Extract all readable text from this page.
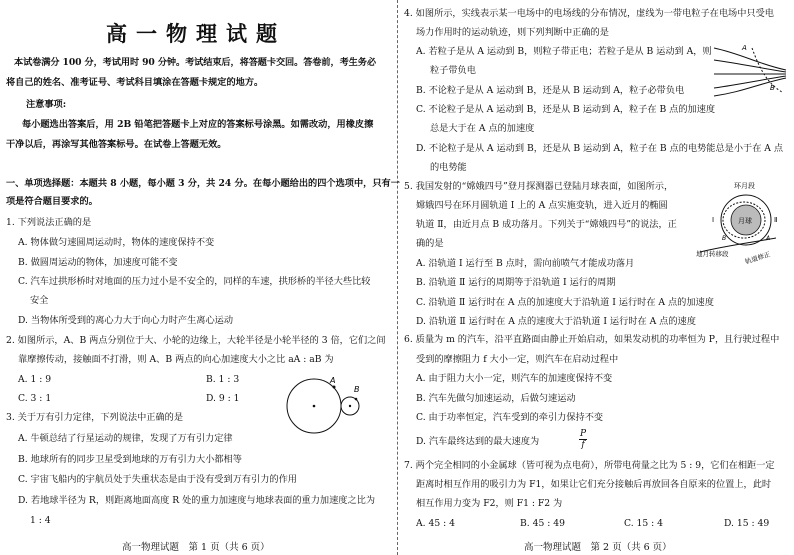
高一物理试题
本试卷满分 100 分，考试用时 90 分钟。考试结束后，将答题卡交回。答卷前，考生务必
将自己的姓名、准考证号、考试科目填涂在答题卡规定的地方。
注意事项:
每小题选出答案后，用 2B 铅笔把答题卡上对应的答案标号涂黑。如需改动，用橡皮擦
干净以后，再涂写其他答案标号。在试卷上答题无效。
一、单项选择题：本题共 8 小题，每小题 3 分，共 24 分。在每小题给出的四个选项中，只有一
项是符合题目要求的。
1. 下列说法正确的是
A. 物体做匀速圆周运动时，物体的速度保持不变
B. 做圆周运动的物体，加速度可能不变
C. 汽车过拱形桥时对地面的压力过小是不安全的，同样的车速，拱形桥的半径大些比较
安全
D. 当物体所受到的离心力大于向心力时产生离心运动
2. 如图所示，A、B 两点分别位于大、小轮的边缘上，大轮半径是小轮半径的 3 倍，它们之间
靠摩擦传动，接触面不打滑，则 A、B 两点的向心加速度大小之比 aA : aB 为
A. 1 : 9	B. 1 : 3
C. 3 : 1	D. 9 : 1
A
B
3. 关于万有引力定律，下列说法中正确的是
A. 牛顿总结了行星运动的规律，发现了万有引力定律
B. 地球所有的同步卫星受到地球的万有引力大小都相等
C. 宇宙飞船内的宇航员处于失重状态是由于没有受到万有引力的作用
D. 若地球半径为 R，则距离地面高度 R 处的重力加速度与地球表面的重力加速度之比为
1 : 4
高一物理试题　第 1 页（共 6 页）
4. 如图所示，实线表示某一电场中的电场线的分布情况，虚线为一带电粒子在电场中只受电
场力作用时的运动轨迹，则下列判断中正确的是
A. 若粒子是从 A 运动到 B，则粒子带正电；若粒子是从 B 运动到 A，则
粒子带负电
B. 不论粒子是从 A 运动到 B，还是从 B 运动到 A，粒子必带负电
C. 不论粒子是从 A 运动到 B，还是从 B 运动到 A，粒子在 B 点的加速度
总是大于在 A 点的加速度
D. 不论粒子是从 A 运动到 B，还是从 B 运动到 A，粒子在 B 点的电势能总是小于在 A 点
的电势能
A
B
5. 我国发射的“嫦娥四号”登月探测器已登陆月球表面，如图所示，
嫦娥四号在环月圆轨道 Ⅰ 上的 A 点实施变轨，进入近月的椭圆
轨道 Ⅱ，由近月点 B 成功落月。下列关于“嫦娥四号”的说法，正
确的是
A. 沿轨道 Ⅰ 运行至 B 点时，需向前喷气才能成功落月
B. 沿轨道 Ⅱ 运行的周期等于沿轨道 Ⅰ 运行的周期
C. 沿轨道 Ⅱ 运行时在 A 点的加速度大于沿轨道 Ⅰ 运行时在 A 点的加速度
D. 沿轨道 Ⅱ 运行时在 A 点的速度大于沿轨道 Ⅰ 运行时在 A 点的速度
环月段
月球
Ⅰ	Ⅱ
A
B
地月转移段 轨道修正
6. 质量为 m 的汽车，沿平直路面由静止开始启动，如果发动机的功率恒为 P，且行驶过程中
受到的摩擦阻力 f 大小一定，则汽车在启动过程中
A. 由于阻力大小一定，则汽车的加速度保持不变
B. 汽车先做匀加速运动，后做匀速运动
C. 由于功率恒定，汽车受到的牵引力保持不变
D. 汽车最终达到的最大速度为	$\frac{P}{f}$
7. 两个完全相同的小金属球（皆可视为点电荷），所带电荷量之比为 5 : 9，它们在相距一定
距离时相互作用的吸引力为 F1，如果让它们充分接触后再放回各自原来的位置上，此时
相互作用力变为 F2，则 F1 : F2 为
A. 45 : 4	B. 45 : 49	C. 15 : 4	D. 15 : 49
高一物理试题　第 2 页（共 6 页）
